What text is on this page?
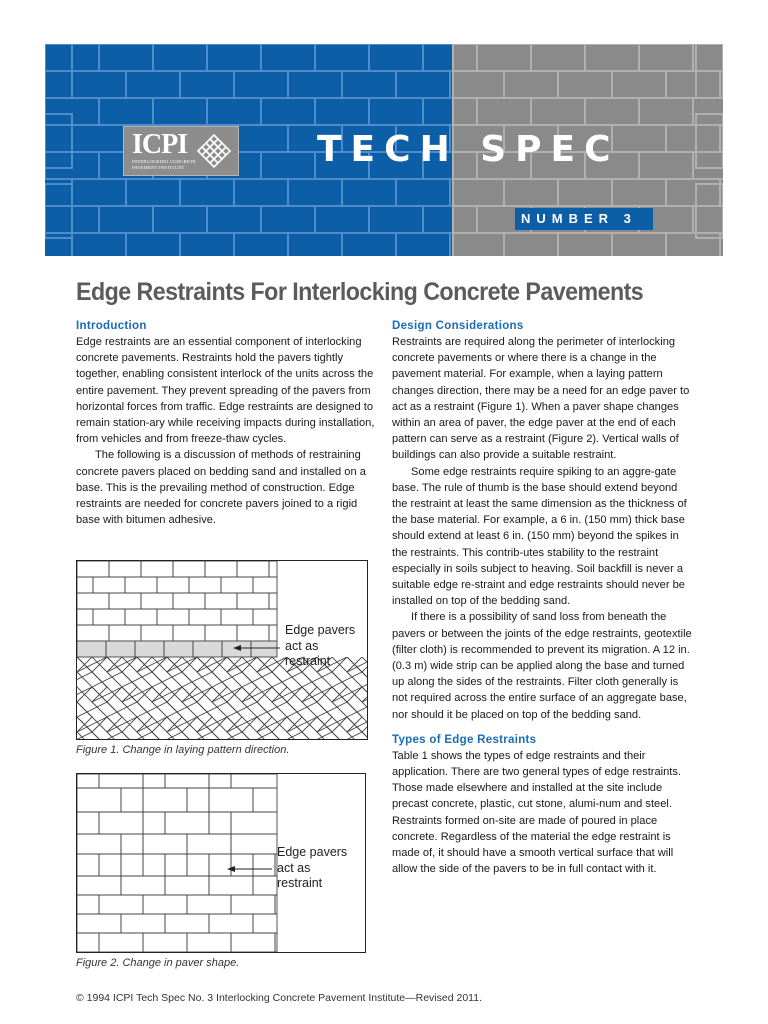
ICPI
INTERLOCKING CONCRETE PAVEMENT INSTITUTE	TECH SPEC
NUMBER 3
Edge Restraints For Interlocking Concrete Pavements
Introduction

Edge restraints are an essential component of interlocking concrete pavements. Restraints hold the pavers tightly together, enabling consistent interlock of the units across the entire pavement. They prevent spreading of the pavers from horizontal forces from traffic. Edge restraints are designed to remain station-ary while receiving impacts during installation, from vehicles and from freeze-thaw cycles.

The following is a discussion of methods of restraining concrete pavers placed on bedding sand and installed on a base. This is the prevailing method of construction. Edge restraints are needed for concrete pavers joined to a rigid base with bitumen adhesive.

Edge pavers act as restraint
Figure 1. Change in laying pattern direction.
Edge pavers act as restraint
Figure 2. Change in paver shape.
Design Considerations

Restraints are required along the perimeter of interlocking concrete pavements or where there is a change in the pavement material. For example, when a laying pattern changes direction, there may be a need for an edge paver to act as a restraint (Figure 1). When a paver shape changes within an area of paver, the edge paver at the end of each pattern can serve as a restraint (Figure 2). Vertical walls of buildings can also provide a suitable restraint.

Some edge restraints require spiking to an aggre-gate base. The rule of thumb is the base should extend beyond the restraint at least the same dimension as the thickness of the base material. For example, a 6 in. (150 mm) thick base should extend at least 6 in. (150 mm) beyond the spikes in the restraints. This contrib-utes stability to the restraint especially in soils subject to heaving. Soil backfill is never a suitable edge re-straint and edge restraints should never be installed on top of the bedding sand.

If there is a possibility of sand loss from beneath the pavers or between the joints of the edge restraints, geotextile (filter cloth) is recommended to prevent its migration. A 12 in. (0.3 m) wide strip can be applied along the base and turned up along the sides of the restraints. Filter cloth generally is not required across the entire surface of an aggregate base, nor should it be placed on top of the bedding sand.

Types of Edge Restraints

Table 1 shows the types of edge restraints and their application. There are two general types of edge restraints. Those made elsewhere and installed at the site include precast concrete, plastic, cut stone, alumi-num and steel. Restraints formed on-site are made of poured in place concrete. Regardless of the material the edge restraint is made of, it should have a smooth vertical surface that will allow the side of the pavers to be in full contact with it.

© 1994 ICPI Tech Spec No. 3 Interlocking Concrete Pavement Institute—Revised 2011.
